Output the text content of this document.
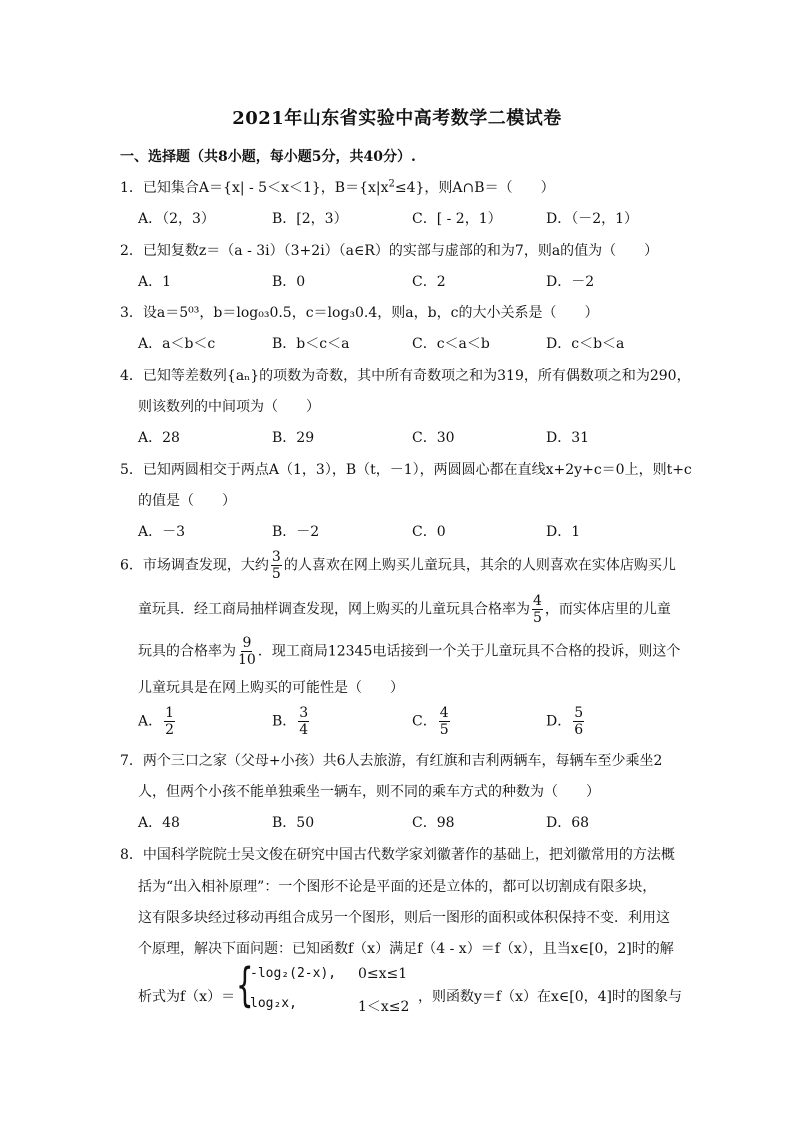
2021年山东省实验中高考数学二模试卷
一、选择题（共8小题，每小题5分，共40分）.
1．已知集合A＝{x| - 5＜x＜1}，$B=\{x|x^2\le 4\}$，则A∩B＝（　　）
A．（2，3）	B．[2，3）	C．[ - 2，1）	D．（－2，1）
2．已知复数z＝（a - 3i）（3+2i）（a∈R）的实部与虚部的和为7，则a的值为（　　）
A．1	B．0	C．2	D．－2
3．设a＝5⁰³，b＝log₀₃0.5，c＝log₃0.4，则a，b，c的大小关系是（　　）
A．a＜b＜c	B．b＜c＜a	C．c＜a＜b	D．c＜b＜a
4．已知等差数列{aₙ}的项数为奇数，其中所有奇数项之和为319，所有偶数项之和为290，
则该数列的中间项为（　　）
A．28	B．29	C．30	D．31
5．已知两圆相交于两点A（1，3），B（t，－1），两圆圆心都在直线x+2y+c＝0上，则t+c
的值是（　　）
A．－3	B．－2	C．0	D．1
6．市场调查发现，大约 $\frac{3}{5}$ 的人喜欢在网上购买儿童玩具，其余的人则喜欢在实体店购买儿
童玩具．经工商局抽样调查发现，网上购买的儿童玩具合格率为 $\frac{4}{5}$ ，而实体店里的儿童
玩具的合格率为 $\frac{9}{10}$ ．现工商局12345电话接到一个关于儿童玩具不合格的投诉，则这个
儿童玩具是在网上购买的可能性是（　　）
A． $\frac{1}{2}$	B． $\frac{3}{4}$	C． $\frac{4}{5}$	D． $\frac{5}{6}$
7．两个三口之家（父母+小孩）共6人去旅游，有红旗和吉利两辆车，每辆车至少乘坐2
人，但两个小孩不能单独乘坐一辆车，则不同的乘车方式的种数为（　　）
A．48	B．50	C．98	D．68
8．中国科学院院士吴文俊在研究中国古代数学家刘徽著作的基础上，把刘徽常用的方法概
括为“出入相补原理”：一个图形不论是平面的还是立体的，都可以切割成有限多块，
这有限多块经过移动再组合成另一个图形，则后一图形的面积或体积保持不变．利用这
个原理，解决下面问题：已知函数f（x）满足f（4 - x）＝f（x），且当x∈[0，2]时的解
析式为f（x）＝ {
-log₂(2-x), 0≤x≤1
log₂x,	1＜x≤2
，则函数y＝f（x）在x∈[0，4]时的图象与
